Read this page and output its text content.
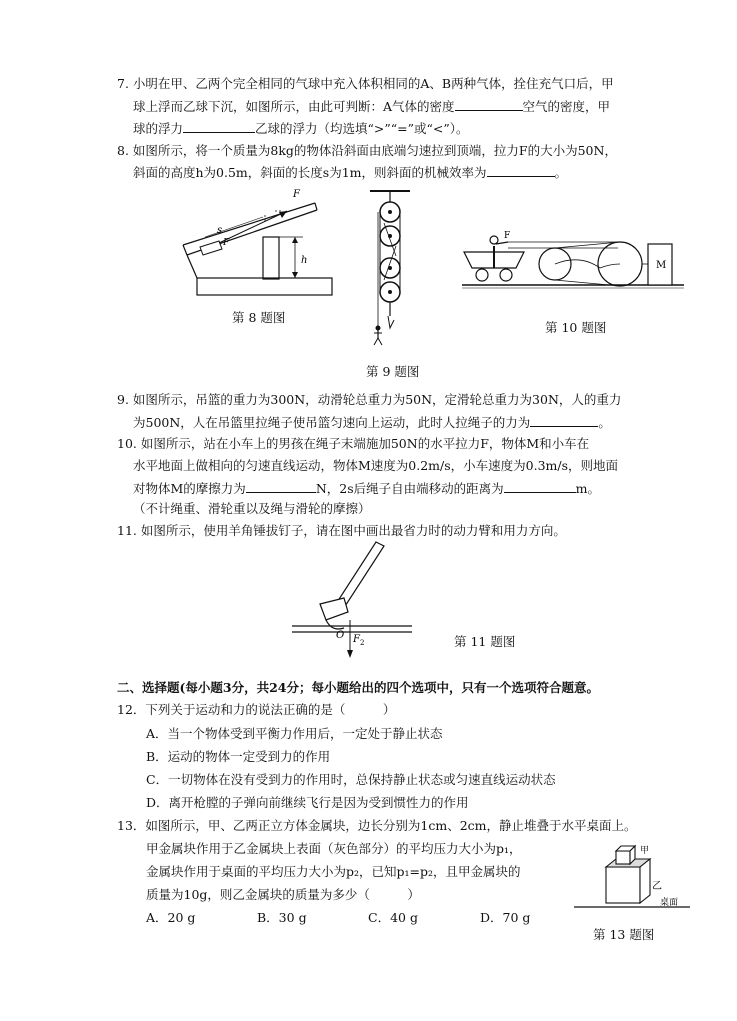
7. 小明在甲、乙两个完全相同的气球中充入体积相同的A、B两种气体，拴住充气口后，甲
球上浮而乙球下沉，如图所示，由此可判断：A气体的密度	空气的密度，甲
球的浮力	乙球的浮力（均选填“>”“=”或“<”）。
8. 如图所示，将一个质量为8kg的物体沿斜面由底端匀速拉到顶端，拉力F的大小为50N，
斜面的高度h为0.5m，斜面的长度s为1m，则斜面的机械效率为	。
F
s
h
F
第 8 题图
第 9 题图
F
M
第 10 题图
9. 如图所示，吊篮的重力为300N，动滑轮总重力为50N，定滑轮总重力为30N，人的重力
为500N，人在吊篮里拉绳子使吊篮匀速向上运动，此时人拉绳子的力为	。
10. 如图所示，站在小车上的男孩在绳子末端施加50N的水平拉力F，物体M和小车在
水平地面上做相向的匀速直线运动，物体M速度为0.2m/s，小车速度为0.3m/s，则地面
对物体M的摩擦力为	N，2s后绳子自由端移动的距离为	m。
（不计绳重、滑轮重以及绳与滑轮的摩擦）
11. 如图所示，使用羊角锤拔钉子，请在图中画出最省力时的动力臂和用力方向。
O F 2	第 11 题图
二、选择题(每小题3分，共24分；每小题给出的四个选项中，只有一个选项符合题意。
12．下列关于运动和力的说法正确的是（　　　）
A．当一个物体受到平衡力作用后，一定处于静止状态
B．运动的物体一定受到力的作用
C．一切物体在没有受到力的作用时，总保持静止状态或匀速直线运动状态
D．离开枪膛的子弹向前继续飞行是因为受到惯性力的作用
13．如图所示，甲、乙两正立方体金属块，边长分别为1cm、2cm，静止堆叠于水平桌面上。
甲金属块作用于乙金属块上表面（灰色部分）的平均压力大小为p₁，
金属块作用于桌面的平均压力大小为p₂，已知p₁=p₂，且甲金属块的
质量为10g，则乙金属块的质量为多少（　　　）
A．20 g	B．30 g	C．40 g	D．70 g
甲
乙
桌面
第 13 题图
